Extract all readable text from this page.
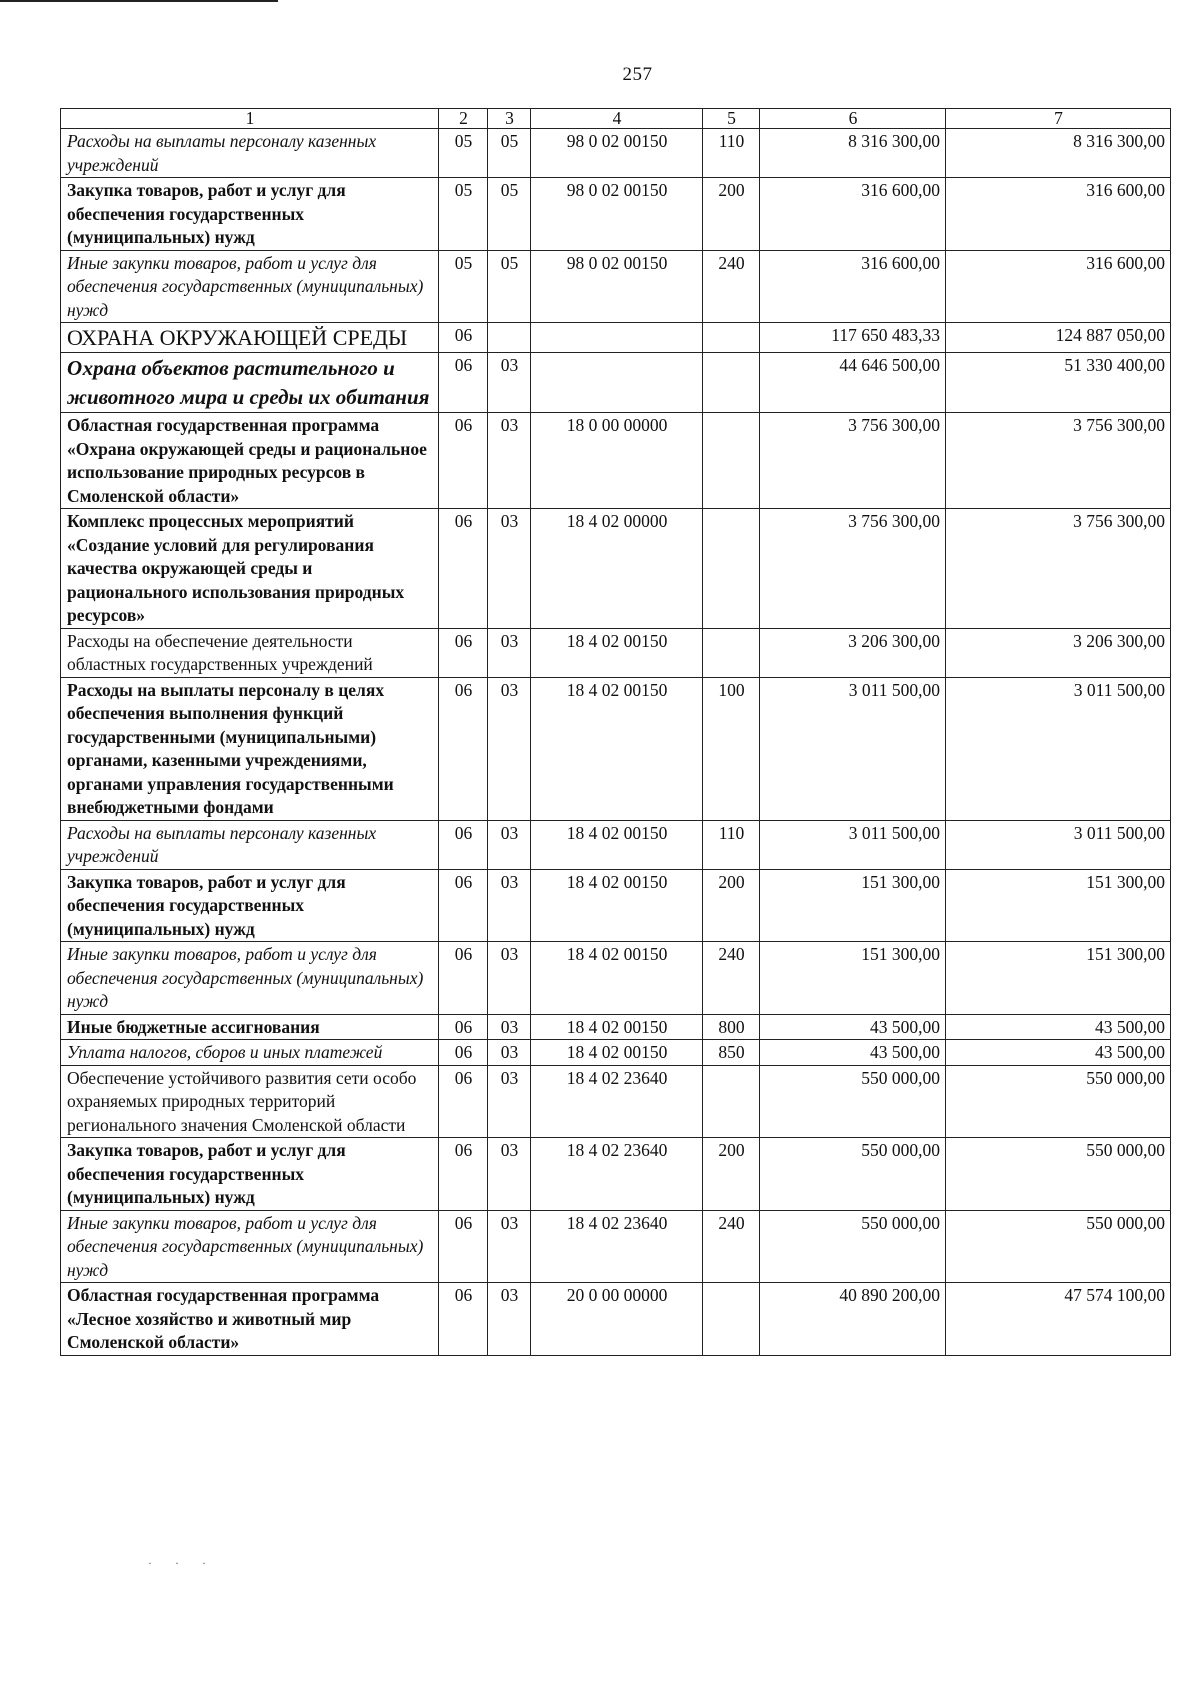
257
1	2	3	4	5	6	7
Расходы на выплаты персоналу казенных учреждений	05	05	98 0 02 00150	110	8 316 300,00	8 316 300,00
Закупка товаров, работ и услуг для обеспечения государственных (муниципальных) нужд	05	05	98 0 02 00150	200	316 600,00	316 600,00
Иные закупки товаров, работ и услуг для обеспечения государственных (муниципальных) нужд	05	05	98 0 02 00150	240	316 600,00	316 600,00
ОХРАНА ОКРУЖАЮЩЕЙ СРЕДЫ	06				117 650 483,33	124 887 050,00
Охрана объектов растительного и животного мира и среды их обитания	06	03			44 646 500,00	51 330 400,00
Областная государственная программа «Охрана окружающей среды и рациональное использование природных ресурсов в Смоленской области»	06	03	18 0 00 00000		3 756 300,00	3 756 300,00
Комплекс процессных мероприятий «Создание условий для регулирования качества окружающей среды и рационального использования природных ресурсов»	06	03	18 4 02 00000		3 756 300,00	3 756 300,00
Расходы на обеспечение деятельности областных государственных учреждений	06	03	18 4 02 00150		3 206 300,00	3 206 300,00
Расходы на выплаты персоналу в целях обеспечения выполнения функций государственными (муниципальными) органами, казенными учреждениями, органами управления государственными внебюджетными фондами	06	03	18 4 02 00150	100	3 011 500,00	3 011 500,00
Расходы на выплаты персоналу казенных учреждений	06	03	18 4 02 00150	110	3 011 500,00	3 011 500,00
Закупка товаров, работ и услуг для обеспечения государственных (муниципальных) нужд	06	03	18 4 02 00150	200	151 300,00	151 300,00
Иные закупки товаров, работ и услуг для обеспечения государственных (муниципальных) нужд	06	03	18 4 02 00150	240	151 300,00	151 300,00
Иные бюджетные ассигнования	06	03	18 4 02 00150	800	43 500,00	43 500,00
Уплата налогов, сборов и иных платежей	06	03	18 4 02 00150	850	43 500,00	43 500,00
Обеспечение устойчивого развития сети особо охраняемых природных территорий регионального значения Смоленской области	06	03	18 4 02 23640		550 000,00	550 000,00
Закупка товаров, работ и услуг для обеспечения государственных (муниципальных) нужд	06	03	18 4 02 23640	200	550 000,00	550 000,00
Иные закупки товаров, работ и услуг для обеспечения государственных (муниципальных) нужд	06	03	18 4 02 23640	240	550 000,00	550 000,00
Областная государственная программа «Лесное хозяйство и животный мир Смоленской области»	06	03	20 0 00 00000		40 890 200,00	47 574 100,00
· · ·
